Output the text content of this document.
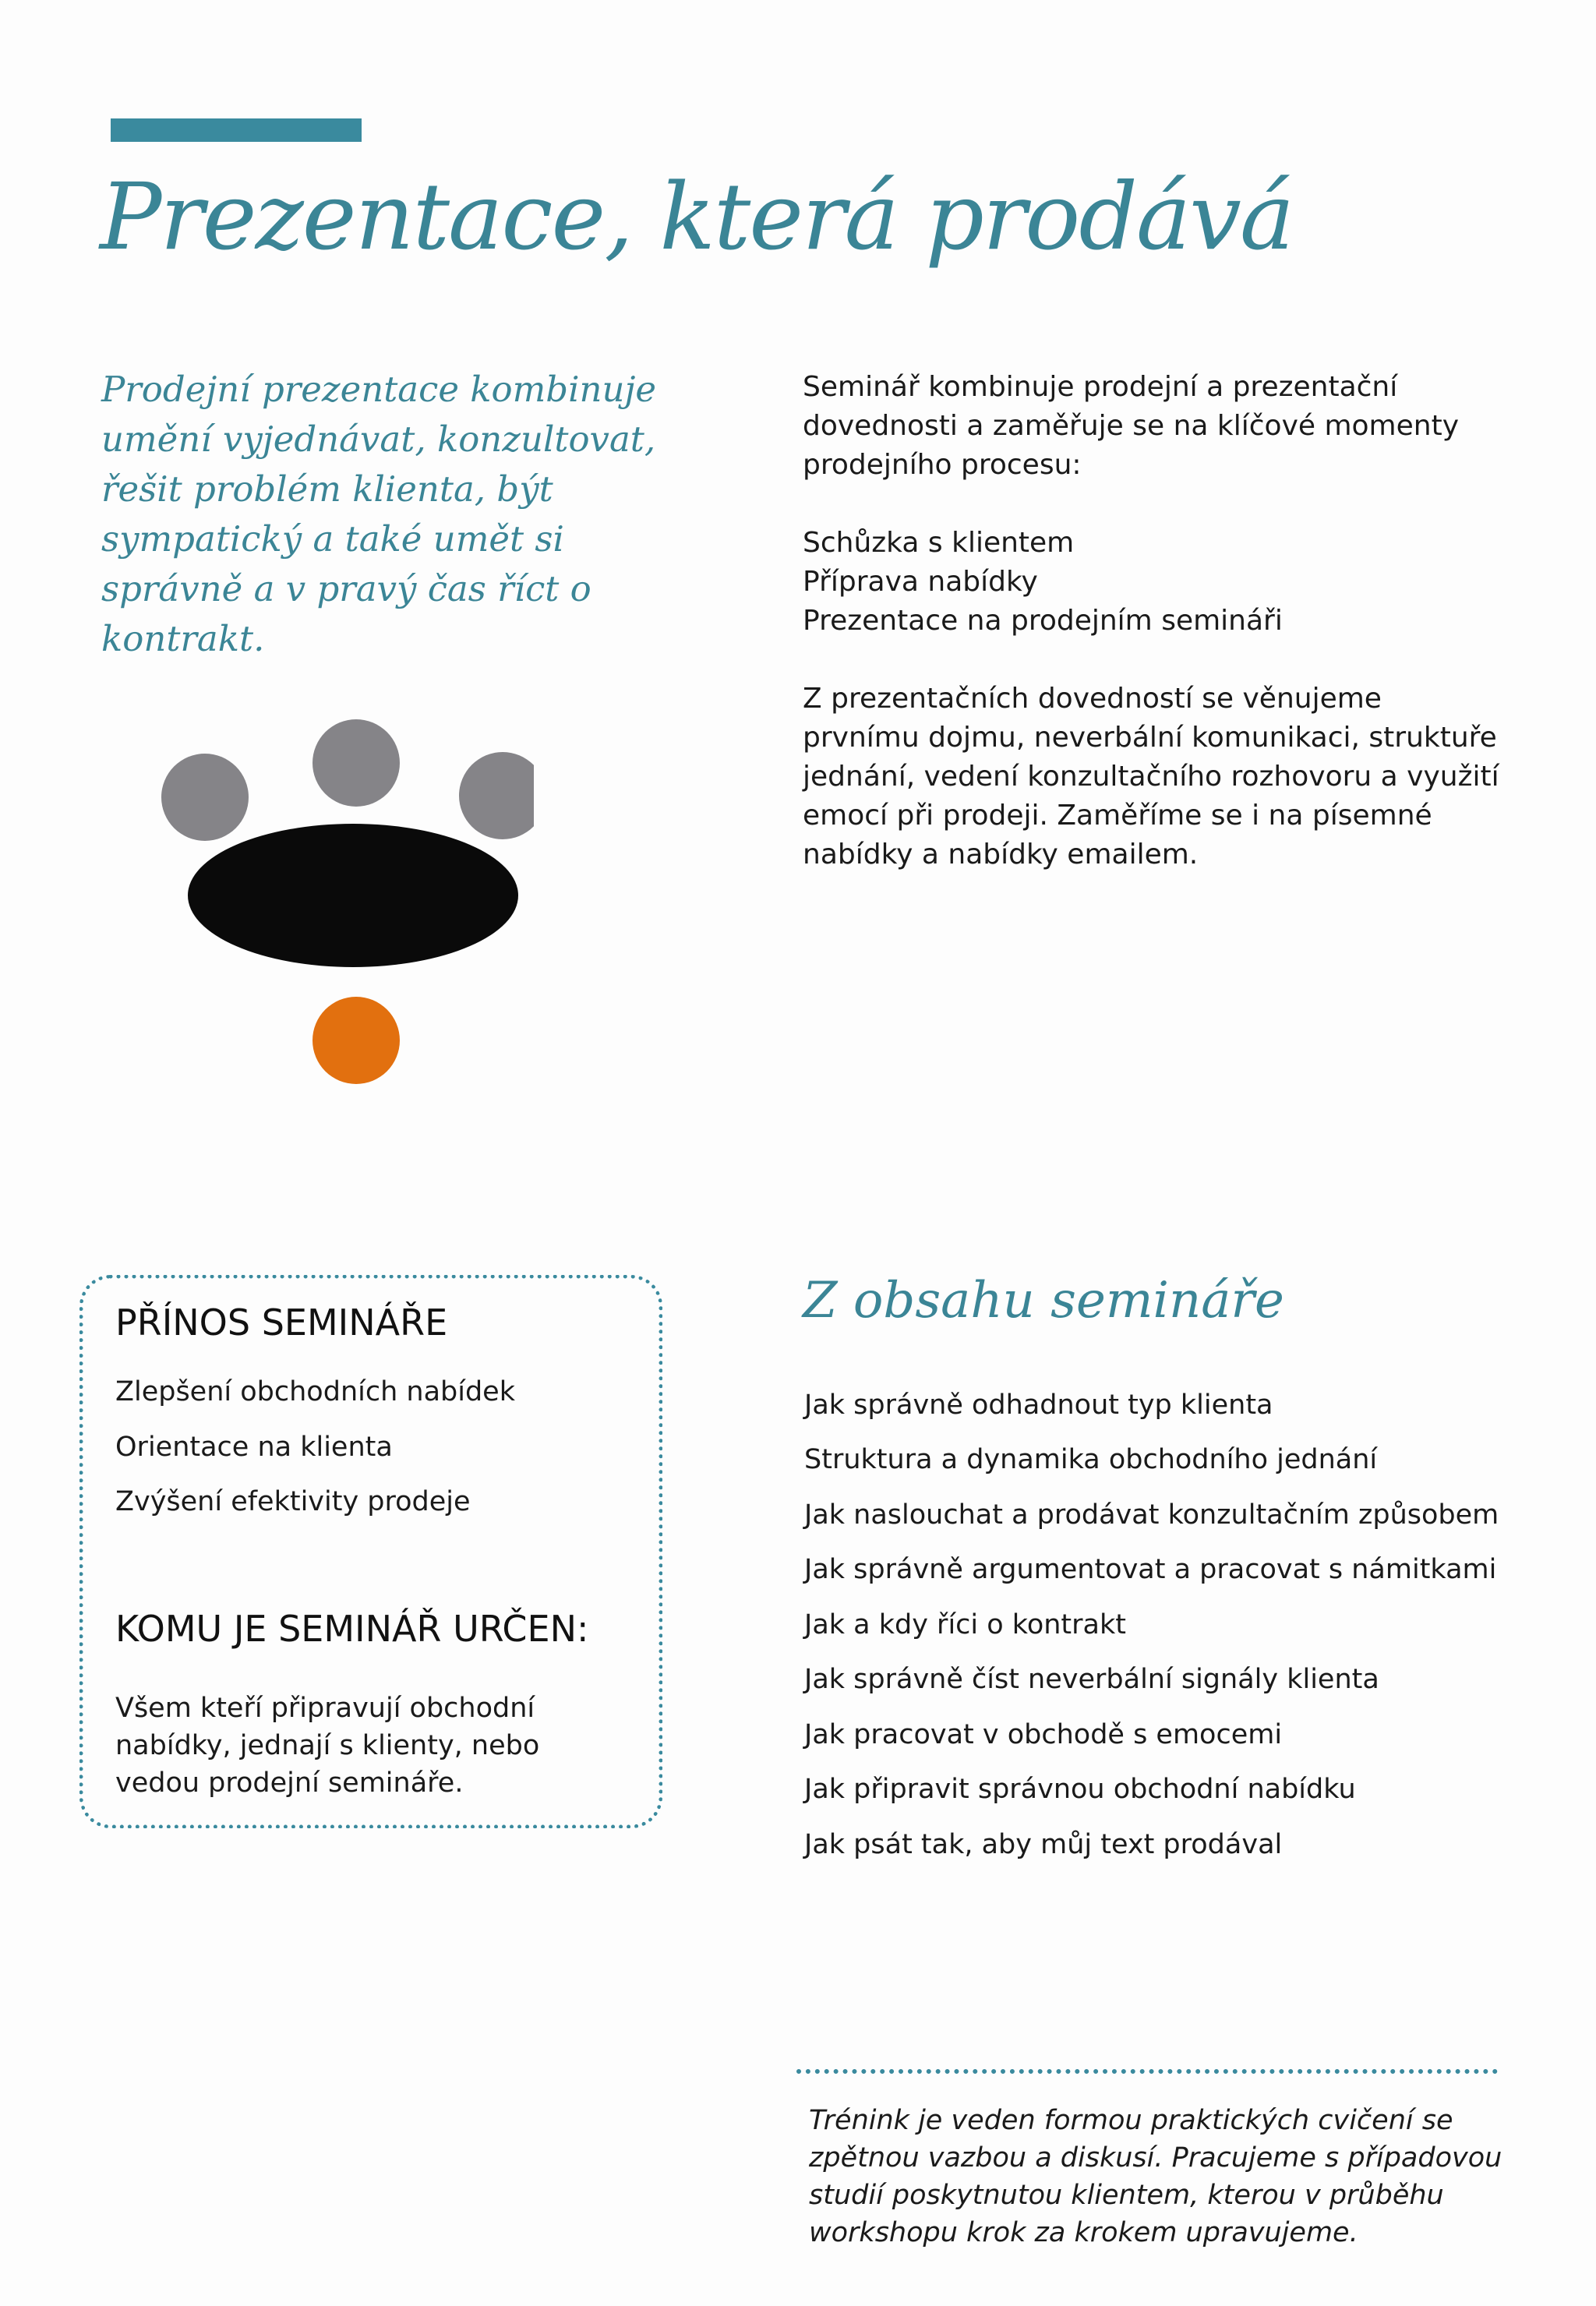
Prezentace, která prodává

Prodejní prezentace kombinuje umění vyjednávat, konzultovat, řešit problém klienta, být sympatický a také umět si správně a v pravý čas říct o kontrakt.

Seminář kombinuje prodejní a prezentační dovednosti a zaměřuje se na klíčové momenty prodejního procesu:

Schůzka s klientem
Příprava nabídky
Prezentace na prodejním semináři

Z prezentačních dovedností se věnujeme prvnímu dojmu, neverbální komunikaci, struktuře jednání, vedení konzultačního rozhovoru a využití emocí při prodeji. Zaměříme se i na písemné nabídky a nabídky emailem.

PŘÍNOS SEMINÁŘE
Zlepšení obchodních nabídek
Orientace na klienta
Zvýšení efektivity prodeje
KOMU JE SEMINÁŘ URČEN:
Všem kteří připravují obchodní nabídky, jednají s klienty, nebo vedou prodejní semináře.
Z obsahu semináře
Jak správně odhadnout typ klienta
Struktura a dynamika obchodního jednání
Jak naslouchat a prodávat konzultačním způsobem
Jak správně argumentovat a pracovat s námitkami
Jak a kdy říci o kontrakt
Jak správně číst neverbální signály klienta
Jak pracovat v obchodě s emocemi
Jak připravit správnou obchodní nabídku
Jak psát tak, aby můj text prodával

Trénink je veden formou praktických cvičení se zpětnou vazbou a diskusí. Pracujeme s případovou studií poskytnutou klientem, kterou v průběhu workshopu krok za krokem upravujeme.
